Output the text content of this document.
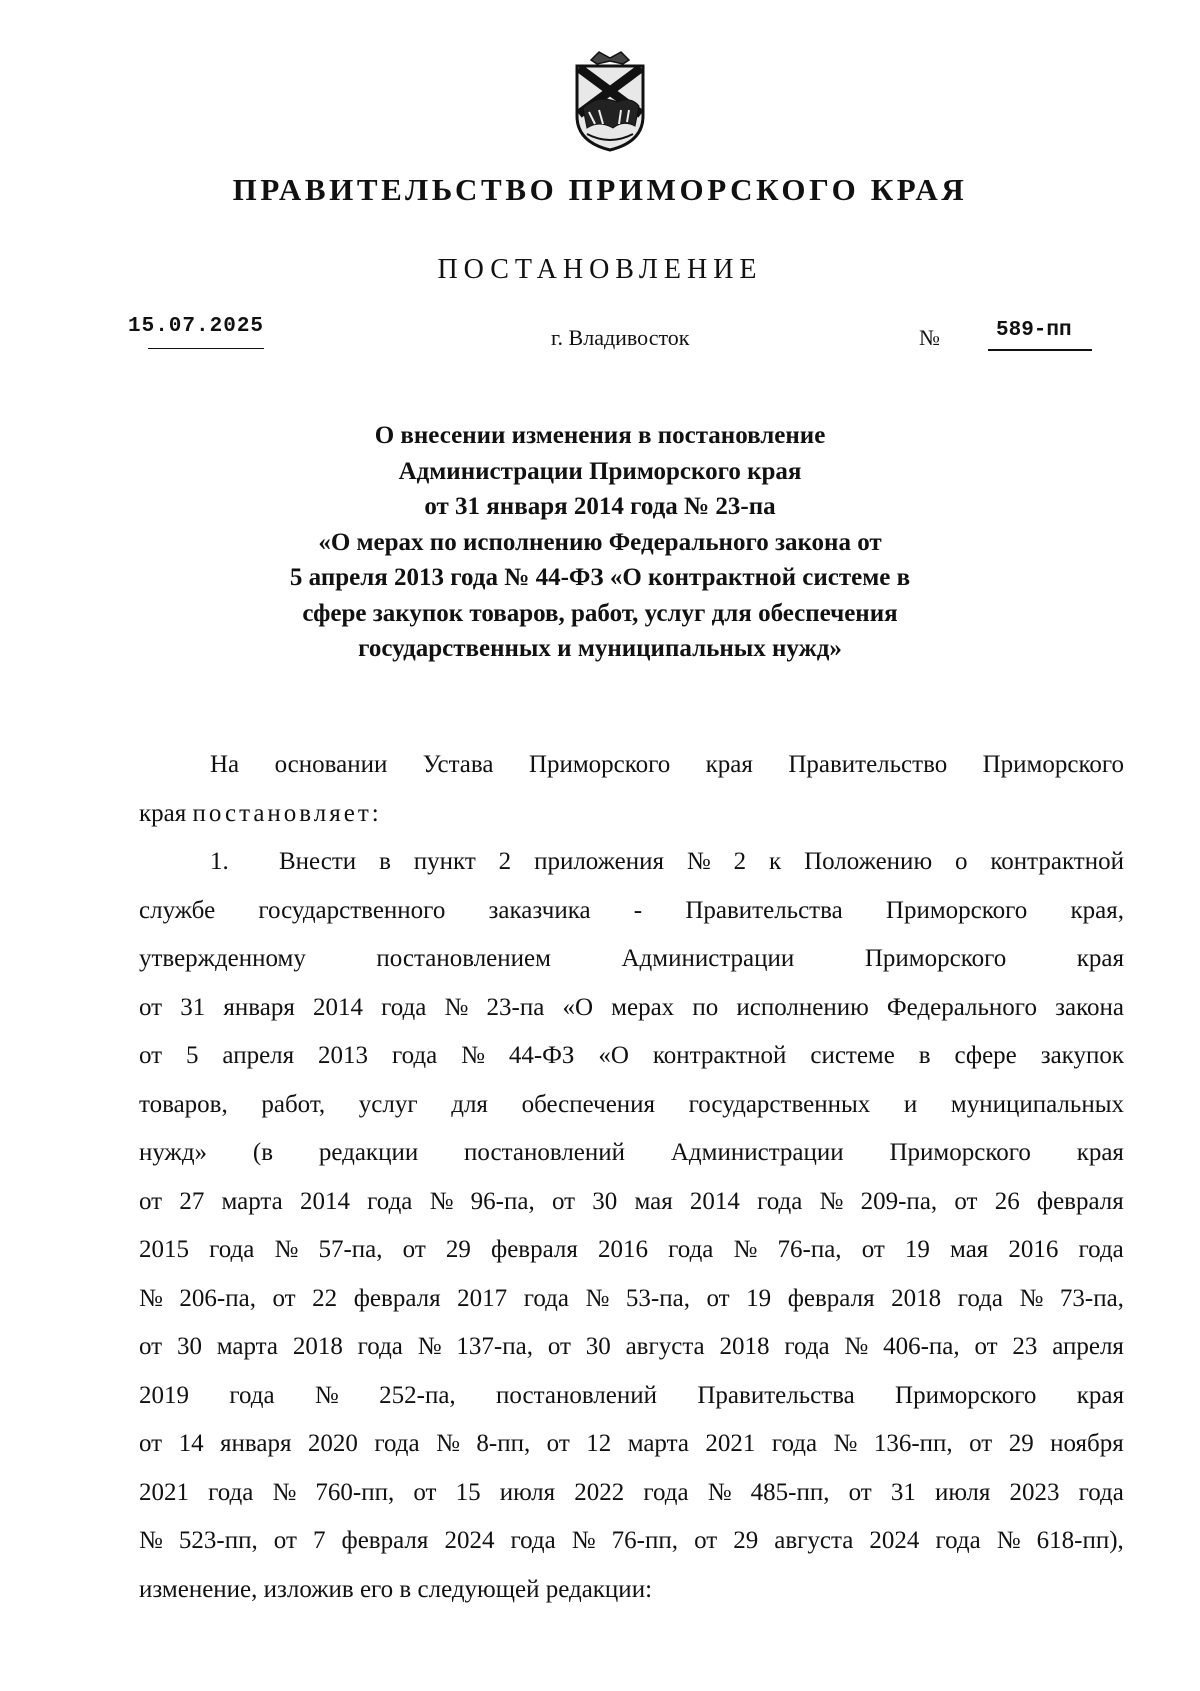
ПРАВИТЕЛЬСТВО ПРИМОРСКОГО КРАЯ
ПОСТАНОВЛЕНИЕ
15.07.2025	г. Владивосток	№	589-пп
О внесении изменения в постановление
Администрации Приморского края
от 31 января 2014 года № 23-па
«О мерах по исполнению Федерального закона от
5 апреля 2013 года № 44-ФЗ «О контрактной системе в
сфере закупок товаров, работ, услуг для обеспечения
государственных и муниципальных нужд»
На основании Устава Приморского края Правительство Приморского
края
постановляет:
1.	Внести в пункт 2 приложения № 2 к Положению о контрактной
службе государственного заказчика - Правительства Приморского края,
утвержденному	постановлением	Администрации	Приморского	края
от 31 января 2014 года № 23-па «О мерах по исполнению Федерального закона
от 5 апреля 2013 года № 44-ФЗ «О контрактной системе в сфере закупок
товаров, работ, услуг для обеспечения государственных и муниципальных
нужд» (в редакции постановлений Администрации Приморского края
от 27 марта 2014 года № 96-па, от 30 мая 2014 года № 209-па, от 26 февраля
2015 года № 57-па, от 29 февраля 2016 года № 76-па, от 19 мая 2016 года
№ 206-па, от 22 февраля 2017 года № 53-па, от 19 февраля 2018 года № 73-па,
от 30 марта 2018 года № 137-па, от 30 августа 2018 года № 406-па, от 23 апреля
2019 года № 252-па, постановлений Правительства Приморского края
от 14 января 2020 года № 8-пп, от 12 марта 2021 года № 136-пп, от 29 ноября
2021 года № 760-пп, от 15 июля 2022 года № 485-пп, от 31 июля 2023 года
№ 523-пп, от 7 февраля 2024 года № 76-пп, от 29 августа 2024 года № 618-пп),
изменение, изложив его в следующей редакции:
